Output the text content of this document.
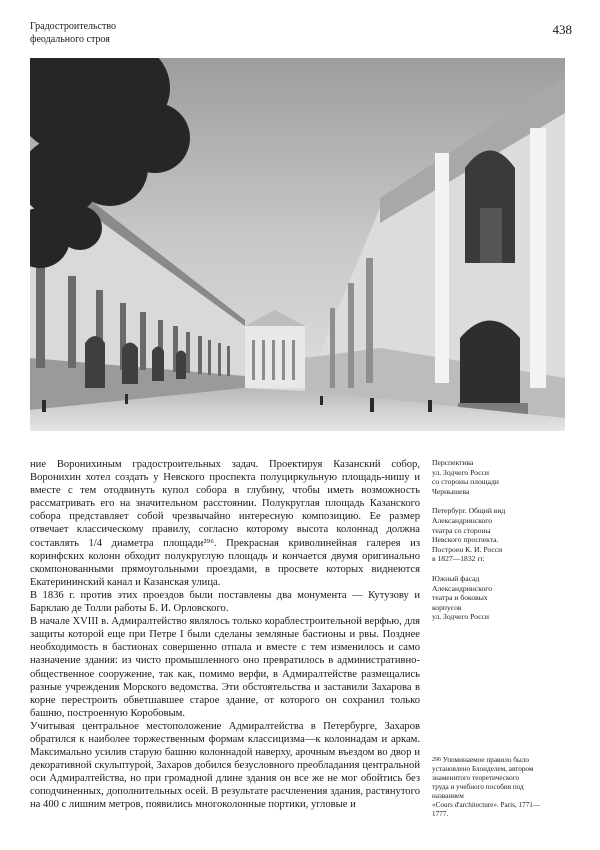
Градостроительство
феодального строя
438

ние Воронихиным градостроительных задач. Проектируя Казанский собор, Воронихин хотел создать у Невского проспекта полуциркульную площадь-нишу и вместе с тем отодвинуть купол собора в глубину, чтобы иметь возможность рассматривать его на значительном расстоянии. Полукруглая площадь Казанского собора представляет собой чрезвычайно интересную композицию. Ее размер отвечает классическому правилу, согласно которому высота колоннад должна составлять 1/4 диаметра площади²⁹⁶. Прекрасная криволинейная галерея из коринфских колонн обходит полукруглую площадь и кончается двумя оригинально скомпонованными прямоугольными проездами, в просвете которых виднеются Екатерининский канал и Казанская улица.

В 1836 г. против этих проездов были поставлены два монумента — Кутузову и Барклаю де Толли работы Б. И. Орловского.

В начале XVIII в. Адмиралтейство являлось только кораблестроительной верфью, для защиты которой еще при Петре I были сделаны земляные бастионы и рвы. Позднее необходимость в бастионах совершенно отпала и вместе с тем изменилось и само назначение здания: из чисто промышленного оно превратилось в административно-общественное сооружение, так как, помимо верфи, в Адмиралтействе размещались разные учреждения Морского ведомства. Эти обстоятельства и заставили Захарова в корне перестроить обветшавшее старое здание, от которого он сохранил только башню, построенную Коробовым.

Учитывая центральное местоположение Адмиралтейства в Петербурге, Захаров обратился к наиболее торжественным формам классицизма—к колоннадам и аркам. Максимально усилив старую башню колоннадой наверху, арочным въездом во двор и декоративной скульптурой, Захаров добился безусловного преобладания центральной оси Адмиралтейства, но при громадной длине здания он все же не мог обойтись без соподчиненных, дополнительных осей. В результате расчленения здания, растянутого на 400 с лишним метров, появились многоколонные портики, угловые и

Перспектива
ул. Зодчего Росси
со стороны площади
Чернышева

Петербург. Общий вид
Александринского
театра со стороны
Невского проспекта.
Пострoен К. И. Росси
в 1827—1832 гг.

Южный фасад
Александринского
театра и боковых
корпусов
ул. Зодчего Росси

$^{296}$ Упоминаемое правило было
установлено Блонделем, автором
знаменитого теоретического
труда и учебного пособия под
названием
«Cours d'architecture». Paris, 1771—
1777.
